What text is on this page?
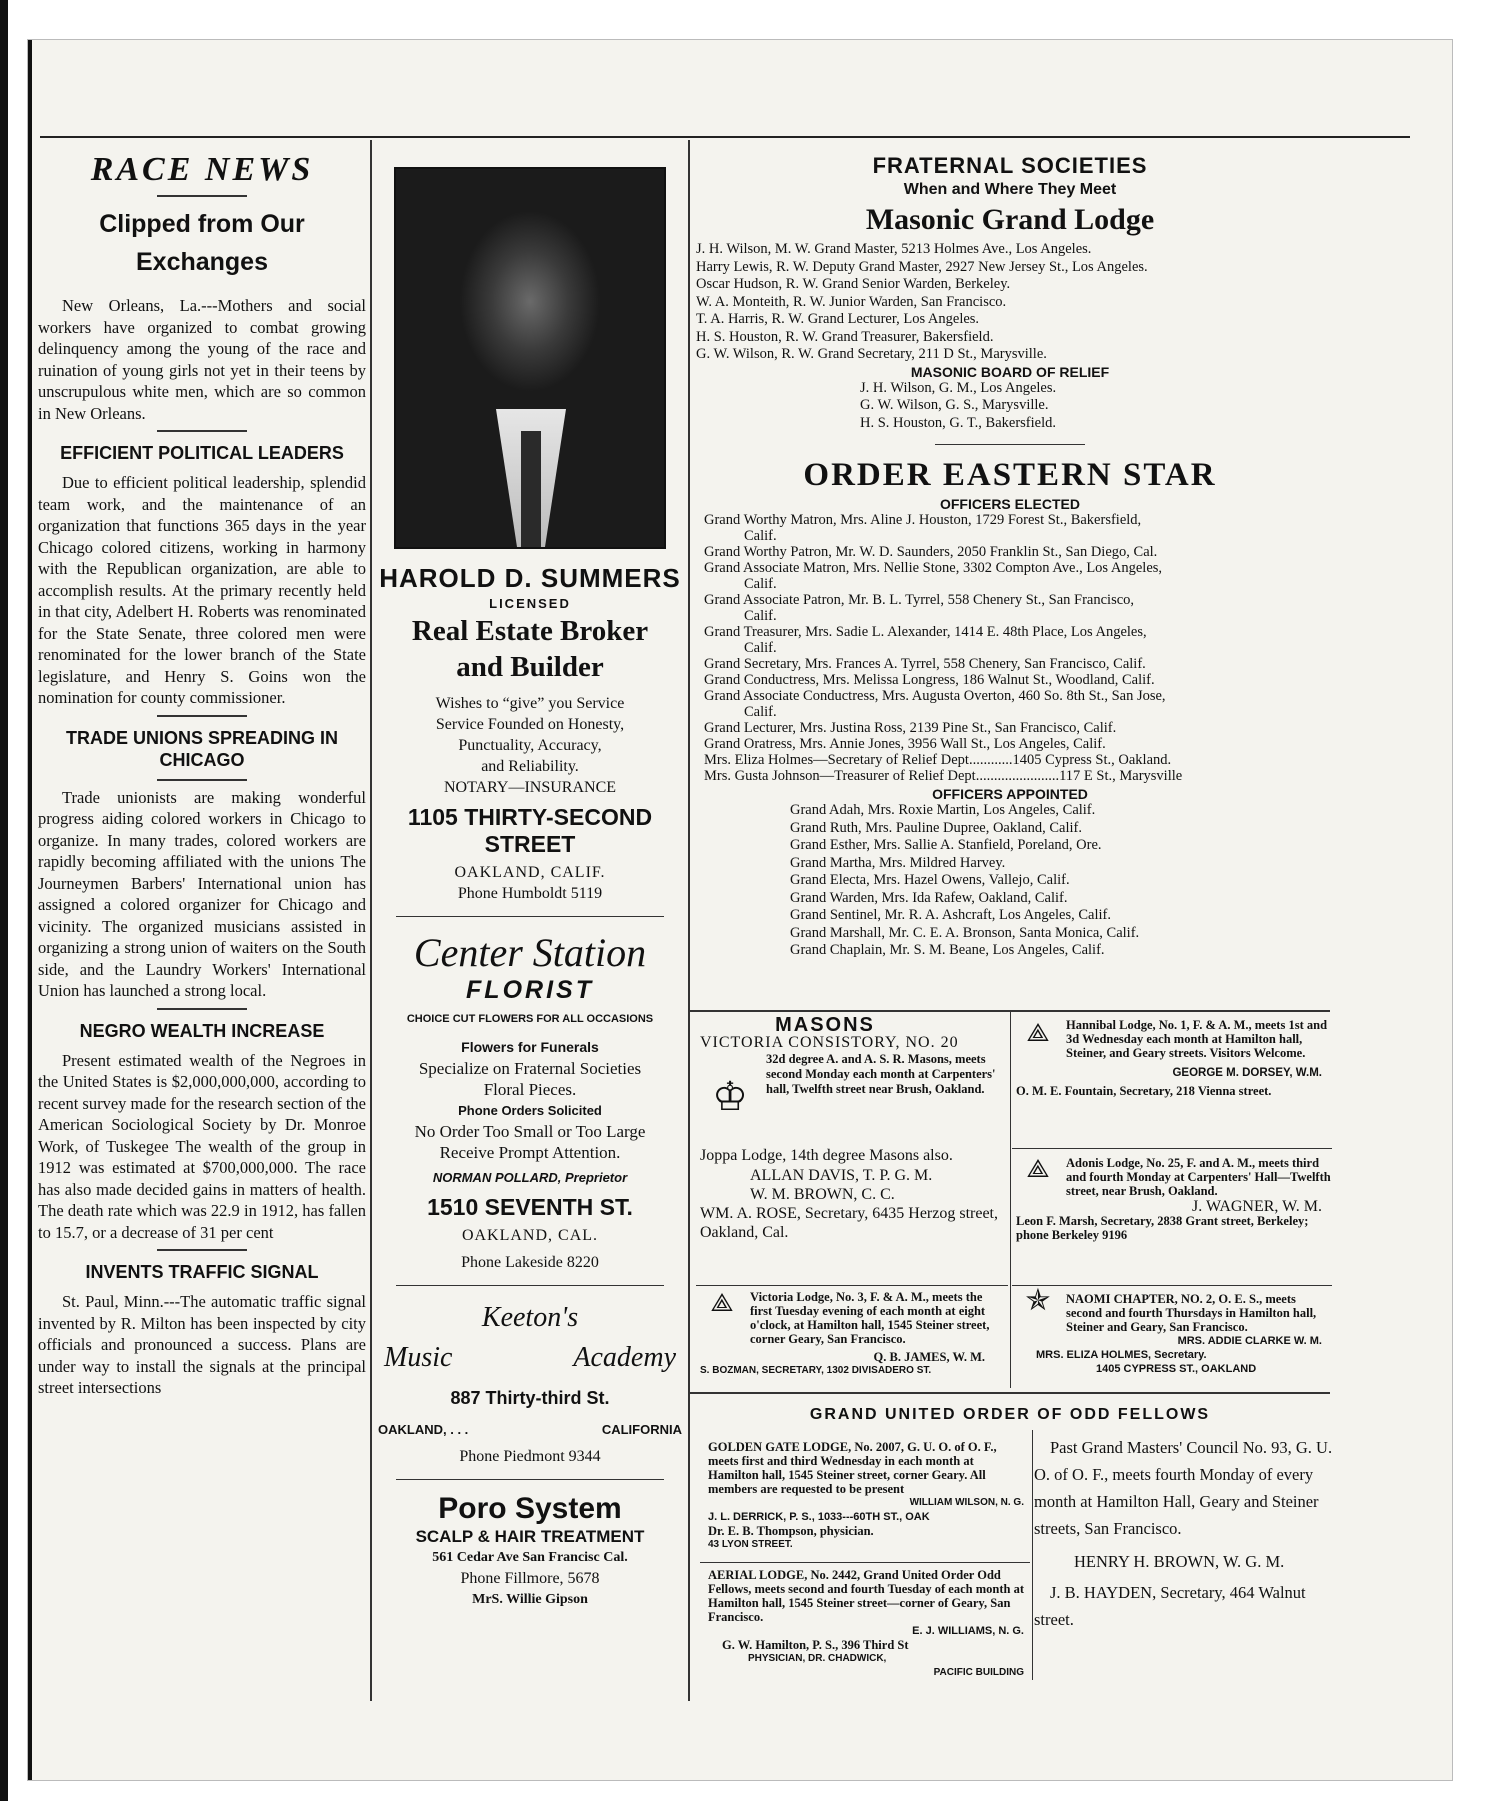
RACE NEWS
Clipped from Our Exchanges

New Orleans, La.---Mothers and social workers have organized to combat growing delinquency among the young of the race and ruination of young girls not yet in their teens by unscrupulous white men, which are so common in New Orleans.

EFFICIENT POLITICAL LEADERS

Due to efficient political leadership, splendid team work, and the maintenance of an organization that functions 365 days in the year Chicago colored citizens, working in harmony with the Republican organization, are able to accomplish results. At the primary recently held in that city, Adelbert H. Roberts was renominated for the State Senate, three colored men were renominated for the lower branch of the State legislature, and Henry S. Goins won the nomination for county commissioner.

TRADE UNIONS SPREADING IN CHICAGO

Trade unionists are making wonderful progress aiding colored workers in Chicago to organize. In many trades, colored workers are rapidly becoming affiliated with the unions The Journeymen Barbers' International union has assigned a colored organizer for Chicago and vicinity. The organized musicians assisted in organizing a strong union of waiters on the South side, and the Laundry Workers' International Union has launched a strong local.

NEGRO WEALTH INCREASE

Present estimated wealth of the Negroes in the United States is $2,000,000,000, according to recent survey made for the research section of the American Sociological Society by Dr. Monroe Work, of Tuskegee The wealth of the group in 1912 was estimated at $700,000,000. The race has also made decided gains in matters of health. The death rate which was 22.9 in 1912, has fallen to 15.7, or a decrease of 31 per cent

INVENTS TRAFFIC SIGNAL

St. Paul, Minn.---The automatic traffic signal invented by R. Milton has been inspected by city officials and pronounced a success. Plans are under way to install the signals at the principal street intersections

HAROLD D. SUMMERS
LICENSED
Real Estate Broker
and Builder
Wishes to “give” you Service
Service Founded on Honesty,
Punctuality, Accuracy,
and Reliability.
NOTARY—INSURANCE
1105 THIRTY-SECOND STREET
OAKLAND, CALIF.
Phone Humboldt 5119
Center Station
FLORIST
CHOICE CUT FLOWERS FOR ALL OCCASIONS
Flowers for Funerals
Specialize on Fraternal Societies
Floral Pieces.
Phone Orders Solicited
No Order Too Small or Too Large
Receive Prompt Attention.
NORMAN POLLARD, Preprietor
1510 SEVENTH ST.
OAKLAND, CAL.
Phone Lakeside 8220
Keeton's
Music	Academy
887 Thirty-third St.
OAKLAND, . . .	CALIFORNIA
Phone Piedmont 9344
Poro System
SCALP & HAIR TREATMENT
561 Cedar Ave San Francisc Cal.
Phone Fillmore, 5678
MrS. Willie Gipson
FRATERNAL SOCIETIES
When and Where They Meet
Masonic Grand Lodge
J. H. Wilson, M. W. Grand Master, 5213 Holmes Ave., Los Angeles.
Harry Lewis, R. W. Deputy Grand Master, 2927 New Jersey St., Los Angeles.
Oscar Hudson, R. W. Grand Senior Warden, Berkeley.
W. A. Monteith, R. W. Junior Warden, San Francisco.
T. A. Harris, R. W. Grand Lecturer, Los Angeles.
H. S. Houston, R. W. Grand Treasurer, Bakersfield.
G. W. Wilson, R. W. Grand Secretary, 211 D St., Marysville.
MASONIC BOARD OF RELIEF
J. H. Wilson, G. M., Los Angeles.
G. W. Wilson, G. S., Marysville.
H. S. Houston, G. T., Bakersfield.
ORDER EASTERN STAR
OFFICERS ELECTED
Grand Worthy Matron, Mrs. Aline J. Houston, 1729 Forest St., Bakersfield,
Calif.
Grand Worthy Patron, Mr. W. D. Saunders, 2050 Franklin St., San Diego, Cal.
Grand Associate Matron, Mrs. Nellie Stone, 3302 Compton Ave., Los Angeles,
Calif.
Grand Associate Patron, Mr. B. L. Tyrrel, 558 Chenery St., San Francisco,
Calif.
Grand Treasurer, Mrs. Sadie L. Alexander, 1414 E. 48th Place, Los Angeles,
Calif.
Grand Secretary, Mrs. Frances A. Tyrrel, 558 Chenery, San Francisco, Calif.
Grand Conductress, Mrs. Melissa Longress, 186 Walnut St., Woodland, Calif.
Grand Associate Conductress, Mrs. Augusta Overton, 460 So. 8th St., San Jose,
Calif.
Grand Lecturer, Mrs. Justina Ross, 2139 Pine St., San Francisco, Calif.
Grand Oratress, Mrs. Annie Jones, 3956 Wall St., Los Angeles, Calif.
Mrs. Eliza Holmes—Secretary of Relief Dept............1405 Cypress St., Oakland.
Mrs. Gusta Johnson—Treasurer of Relief Dept.......................117 E St., Marysville
OFFICERS APPOINTED
Grand Adah, Mrs. Roxie Martin, Los Angeles, Calif.
Grand Ruth, Mrs. Pauline Dupree, Oakland, Calif.
Grand Esther, Mrs. Sallie A. Stanfield, Poreland, Ore.
Grand Martha, Mrs. Mildred Harvey.
Grand Electa, Mrs. Hazel Owens, Vallejo, Calif.
Grand Warden, Mrs. Ida Rafew, Oakland, Calif.
Grand Sentinel, Mr. R. A. Ashcraft, Los Angeles, Calif.
Grand Marshall, Mr. C. E. A. Bronson, Santa Monica, Calif.
Grand Chaplain, Mr. S. M. Beane, Los Angeles, Calif.
MASONS
VICTORIA CONSISTORY, NO. 20
♔
32d degree A. and A. S. R. Masons, meets second Monday each month at Carpenters' hall, Twelfth street near Brush, Oakland.
Joppa Lodge, 14th degree Masons also.
ALLAN DAVIS, T. P. G. M.
W. M. BROWN, C. C.
WM. A. ROSE, Secretary, 6435 Herzog street, Oakland, Cal.
⟁	Victoria Lodge, No. 3, F. & A. M., meets the first Tuesday evening of each month at eight o'clock, at Hamilton hall, 1545 Steiner street, corner Geary, San Francisco.
Q. B. JAMES, W. M.
S. BOZMAN, SECRETARY, 1302 DIVISADERO ST.
⟁	Hannibal Lodge, No. 1, F. & A. M., meets 1st and 3d Wednesday each month at Hamilton hall, Steiner, and Geary streets. Visitors Welcome.
GEORGE M. DORSEY, W.M.
O. M. E. Fountain, Secretary, 218 Vienna street.
⟁	Adonis Lodge, No. 25, F. and A. M., meets third and fourth Monday at Carpenters' Hall—Twelfth street, near Brush, Oakland.
J. WAGNER, W. M.
Leon F. Marsh, Secretary, 2838 Grant street, Berkeley; phone Berkeley 9196
✯	NAOMI CHAPTER, NO. 2, O. E. S., meets second and fourth Thursdays in Hamilton hall, Steiner and Geary, San Francisco.
MRS. ADDIE CLARKE W. M.
MRS. ELIZA HOLMES, Secretary.
1405 CYPRESS ST., OAKLAND
GRAND UNITED ORDER OF ODD FELLOWS
GOLDEN GATE LODGE, No. 2007, G. U. O. of O. F., meets first and third Wednesday in each month at Hamilton hall, 1545 Steiner street, corner Geary. All members are requested to be present
WILLIAM WILSON, N. G.
J. L. DERRICK, P. S., 1033---60TH ST., OAK
Dr. E. B. Thompson, physician.
43 LYON STREET.
AERIAL LODGE, No. 2442, Grand United Order Odd Fellows, meets second and fourth Tuesday of each month at Hamilton hall, 1545 Steiner street—corner of Geary, San Francisco.
E. J. WILLIAMS, N. G.
G. W. Hamilton, P. S., 396 Third St
PHYSICIAN, DR. CHADWICK,
PACIFIC BUILDING
Past Grand Masters' Council No. 93, G. U. O. of O. F., meets fourth Monday of every month at Hamilton Hall, Geary and Steiner streets, San Francisco.
HENRY H. BROWN, W. G. M.
J. B. HAYDEN, Secretary, 464 Walnut street.
